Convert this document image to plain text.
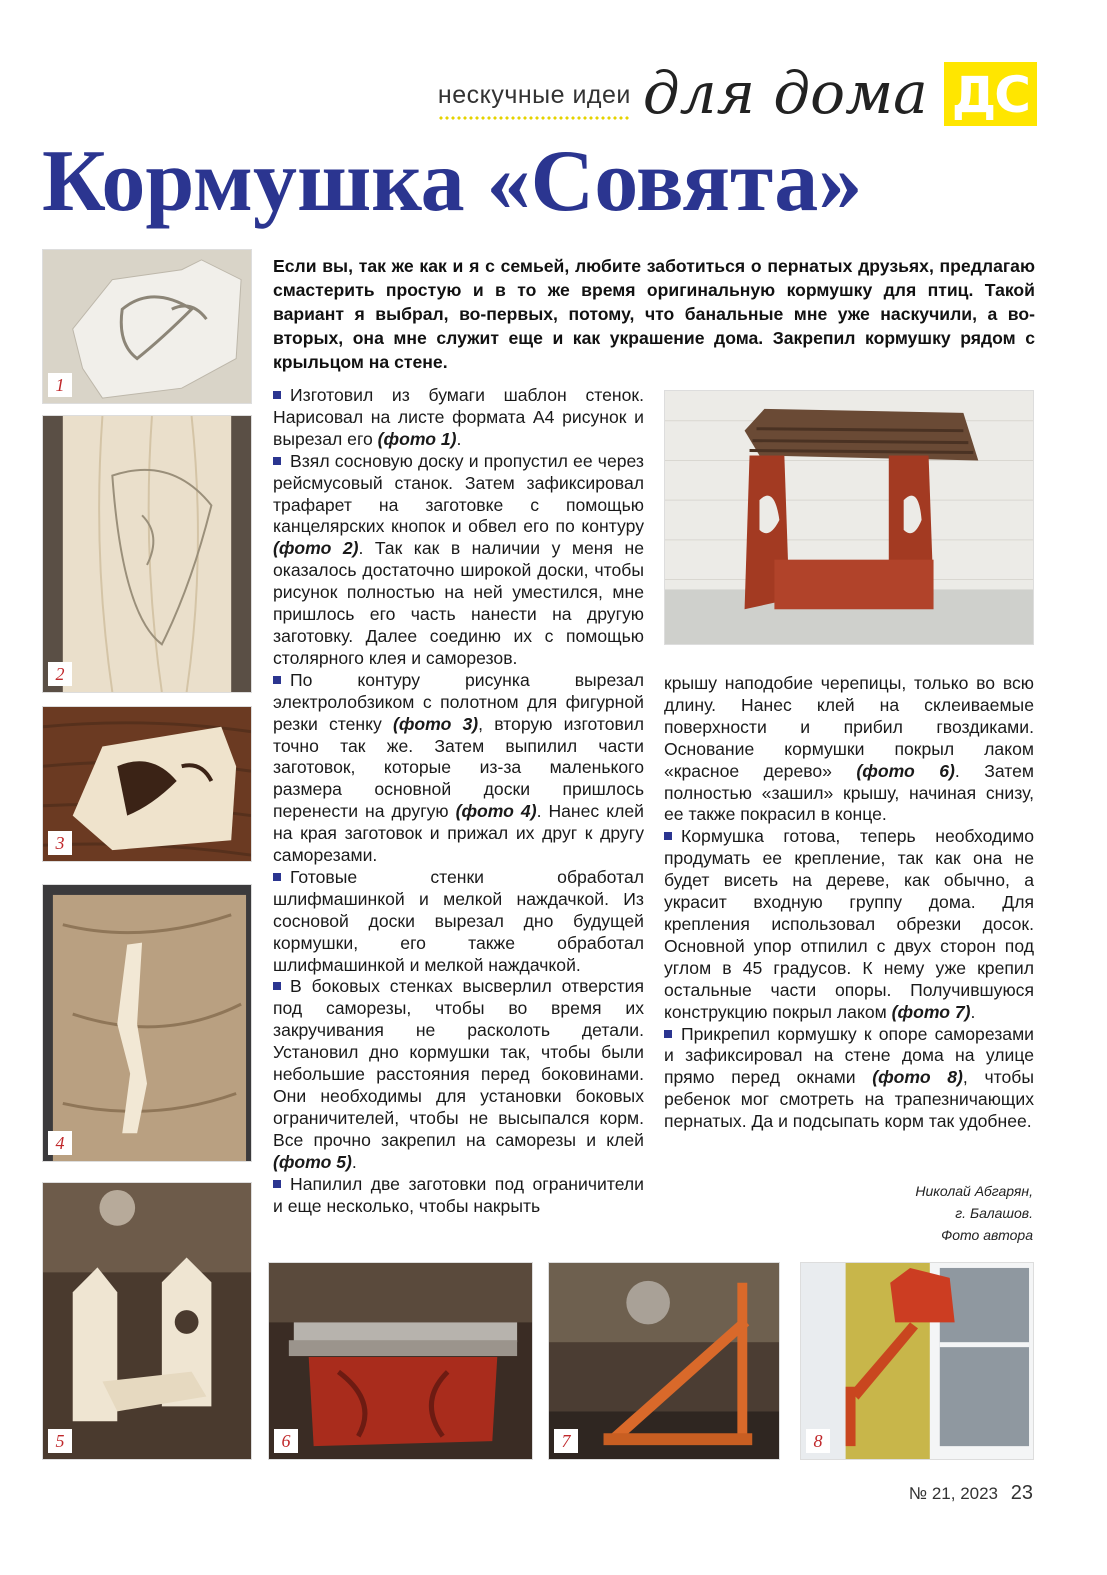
нескучные идеи для дома ДС
Кормушка «Совята»
1
2
3
4
5	6	7	8

Если вы, так же как и я с семьей, любите заботиться о пернатых друзьях, предлагаю смастерить простую и в то же время оригинальную кормушку для птиц. Такой вариант я выбрал, во-первых, потому, что банальные мне уже наскучили, а во-вторых, она мне служит еще и как украшение дома. Закрепил кормушку рядом с крыльцом на стене.

Изготовил из бумаги шаблон стенок. Нарисовал на листе формата А4 рисунок и вырезал его (фото 1).

Взял сосновую доску и пропустил ее через рейсмусовый станок. Затем зафиксировал трафарет на заготовке с помощью канцелярских кнопок и обвел его по контуру (фото 2). Так как в наличии у меня не оказалось достаточно широкой доски, чтобы рисунок полностью на ней уместился, мне пришлось его часть нанести на другую заготовку. Далее соединю их с помощью столярного клея и саморезов.

По контуру рисунка вырезал электролобзиком с полотном для фигурной резки стенку (фото 3), вторую изготовил точно так же. Затем выпилил части заготовок, которые из-за маленького размера основной доски пришлось перенести на другую (фото 4). Нанес клей на края заготовок и прижал их друг к другу саморезами.

Готовые стенки обработал шлифмашинкой и мелкой наждачкой. Из сосновой доски вырезал дно будущей кормушки, его также обработал шлифмашинкой и мелкой наждачкой.

В боковых стенках высверлил отверстия под саморезы, чтобы во время их закручивания не расколоть детали. Установил дно кормушки так, чтобы были небольшие расстояния перед боковинами. Они необходимы для установки боковых ограничителей, чтобы не высыпался корм. Все прочно закрепил на саморезы и клей (фото 5).

Напилил две заготовки под ограничители и еще несколько, чтобы накрыть

крышу наподобие черепицы, только во всю длину. Нанес клей на склеиваемые поверхности и прибил гвоздиками. Основание кормушки покрыл лаком «красное дерево» (фото 6). Затем полностью «зашил» крышу, начиная снизу, ее также покрасил в конце.

Кормушка готова, теперь необходимо продумать ее крепление, так как она не будет висеть на дереве, как обычно, а украсит входную группу дома. Для крепления использовал обрезки досок. Основной упор отпилил с двух сторон под углом в 45 градусов. К нему уже крепил остальные части опоры. Получившуюся конструкцию покрыл лаком (фото 7).

Прикрепил кормушку к опоре саморезами и зафиксировал на стене дома на улице прямо перед окнами (фото 8), чтобы ребенок мог смотреть на трапезничающих пернатых. Да и подсыпать корм так удобнее.

Николай Абгарян,
г. Балашов.
Фото автора
№ 21, 2023 23
